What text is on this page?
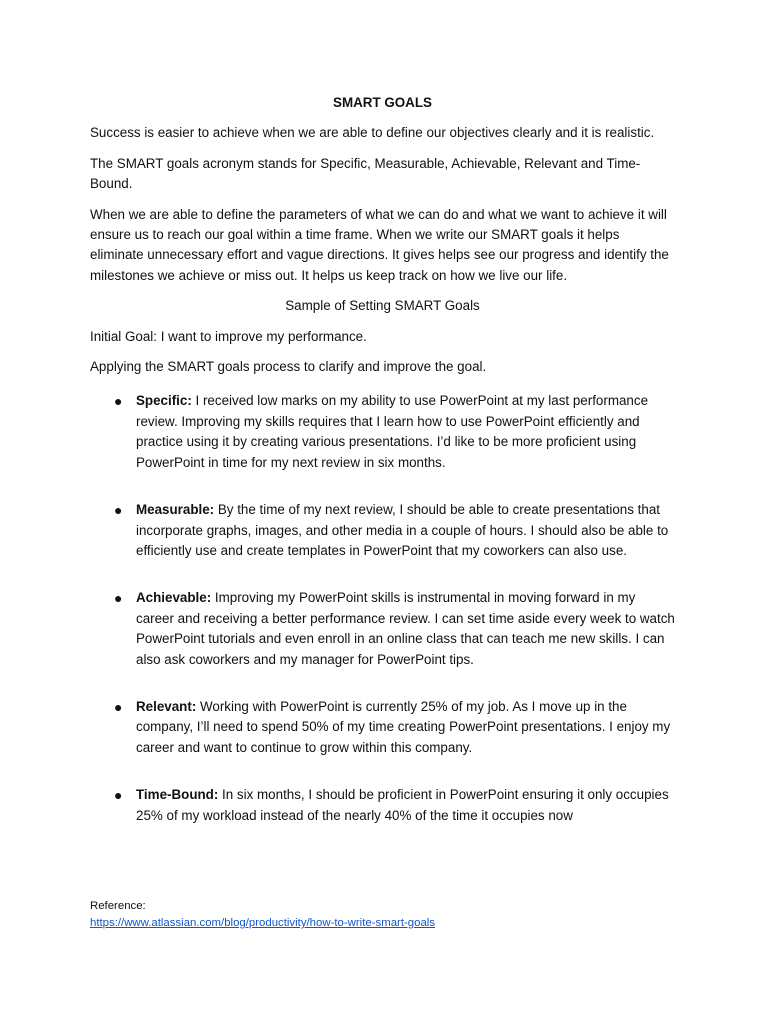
SMART GOALS

Success is easier to achieve when we are able to define our objectives clearly and it is realistic.

The SMART goals acronym stands for Specific, Measurable, Achievable, Relevant and Time-Bound.

When we are able to define the parameters of what we can do and what we want to achieve it will ensure us to reach our goal within a time frame. When we write our SMART goals it helps eliminate unnecessary effort and vague directions. It gives helps see our progress and identify the milestones we achieve or miss out. It helps us keep track on how we live our life.

Sample of Setting SMART Goals

Initial Goal: I want to improve my performance.

Applying the SMART goals process to clarify and improve the goal.

● Specific: I received low marks on my ability to use PowerPoint at my last performance review. Improving my skills requires that I learn how to use PowerPoint efficiently and practice using it by creating various presentations. I’d like to be more proficient using PowerPoint in time for my next review in six months.
● Measurable: By the time of my next review, I should be able to create presentations that incorporate graphs, images, and other media in a couple of hours. I should also be able to efficiently use and create templates in PowerPoint that my coworkers can also use.
● Achievable: Improving my PowerPoint skills is instrumental in moving forward in my career and receiving a better performance review. I can set time aside every week to watch PowerPoint tutorials and even enroll in an online class that can teach me new skills. I can also ask coworkers and my manager for PowerPoint tips.
● Relevant: Working with PowerPoint is currently 25% of my job. As I move up in the company, I’ll need to spend 50% of my time creating PowerPoint presentations. I enjoy my career and want to continue to grow within this company.
● Time-Bound: In six months, I should be proficient in PowerPoint ensuring it only occupies 25% of my workload instead of the nearly 40% of the time it occupies now
Reference:
https://www.atlassian.com/blog/productivity/how-to-write-smart-goals
